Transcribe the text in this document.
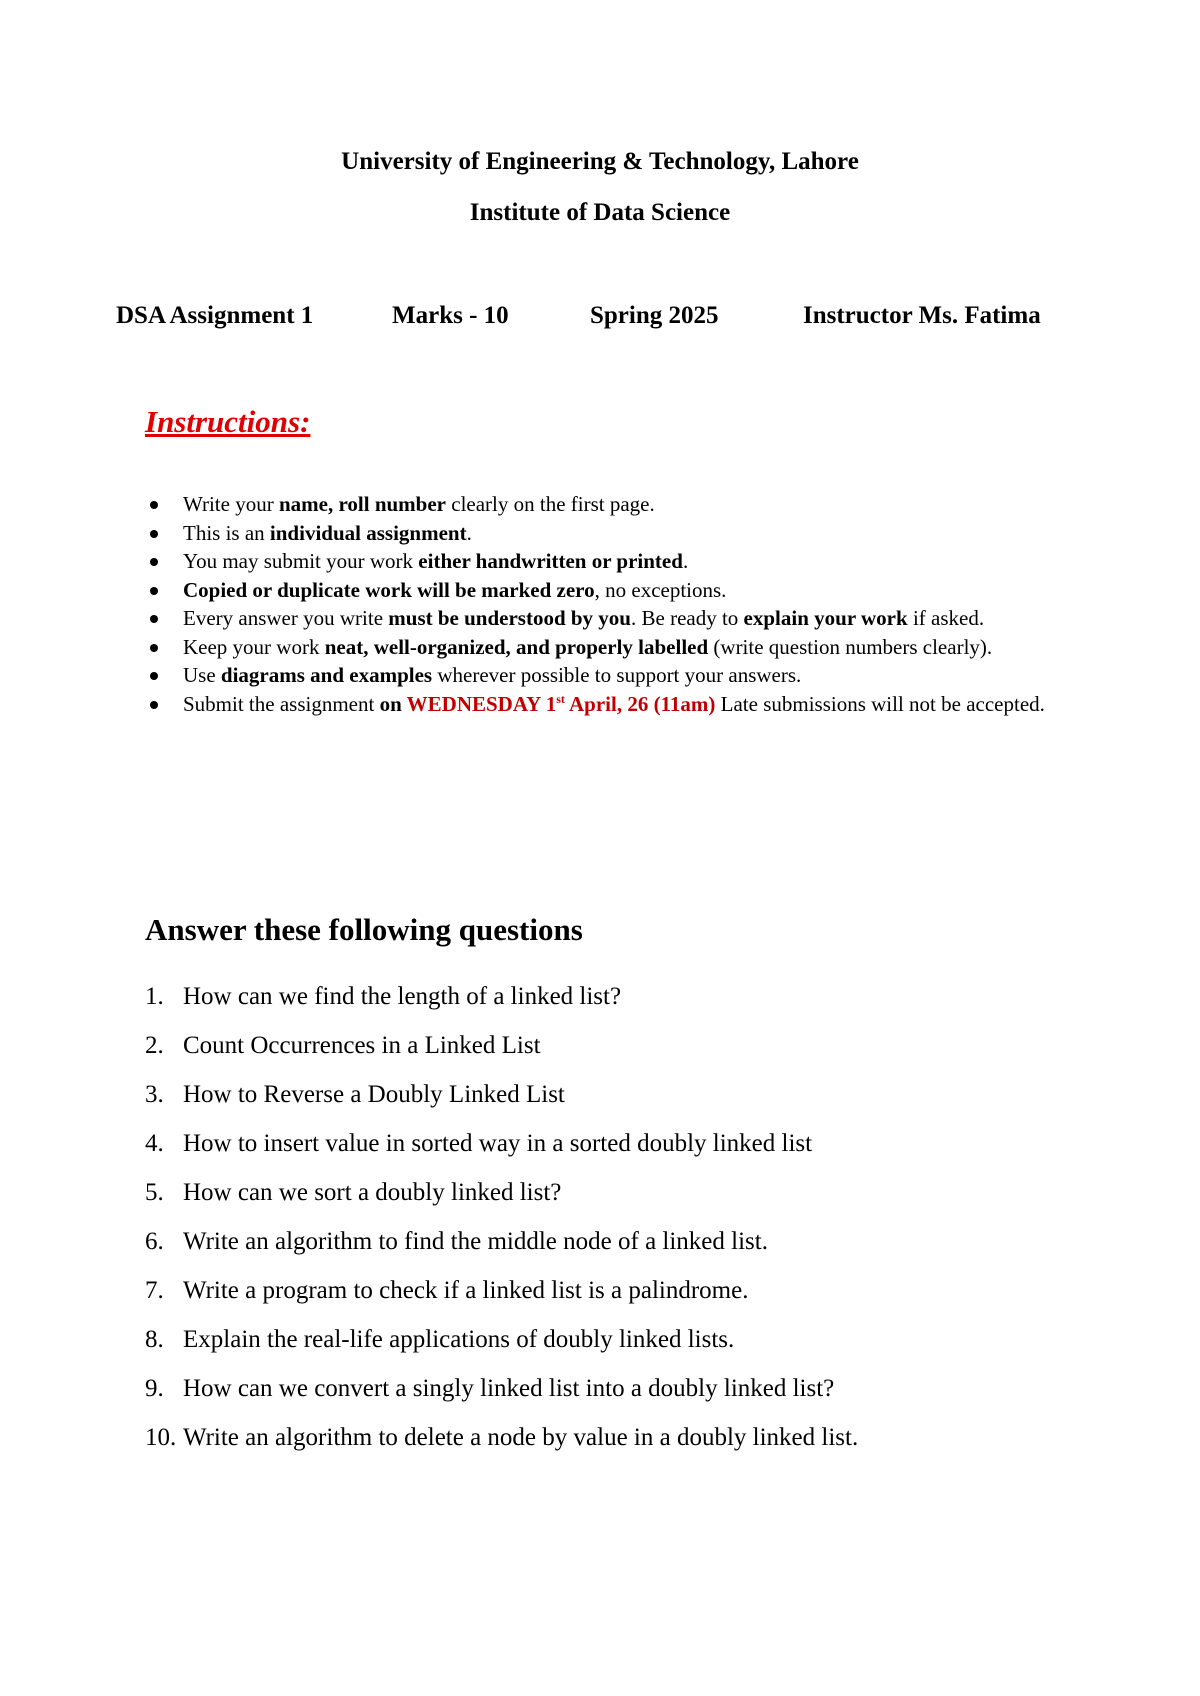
University of Engineering & Technology, Lahore
Institute of Data Science
DSA Assignment 1	Marks - 10	Spring 2025	Instructor Ms. Fatima
Instructions:
Write your name, roll number clearly on the first page.
This is an individual assignment.
You may submit your work either handwritten or printed.
Copied or duplicate work will be marked zero, no exceptions.
Every answer you write must be understood by you. Be ready to explain your work if asked.
Keep your work neat, well-organized, and properly labelled (write question numbers clearly).
Use diagrams and examples wherever possible to support your answers.
Submit the assignment on WEDNESDAY 1st April, 26 (11am) Late submissions will not be accepted.
Answer these following questions
1. How can we find the length of a linked list?
2. Count Occurrences in a Linked List
3. How to Reverse a Doubly Linked List
4. How to insert value in sorted way in a sorted doubly linked list
5. How can we sort a doubly linked list?
6. Write an algorithm to find the middle node of a linked list.
7. Write a program to check if a linked list is a palindrome.
8. Explain the real-life applications of doubly linked lists.
9. How can we convert a singly linked list into a doubly linked list?
10. Write an algorithm to delete a node by value in a doubly linked list.
